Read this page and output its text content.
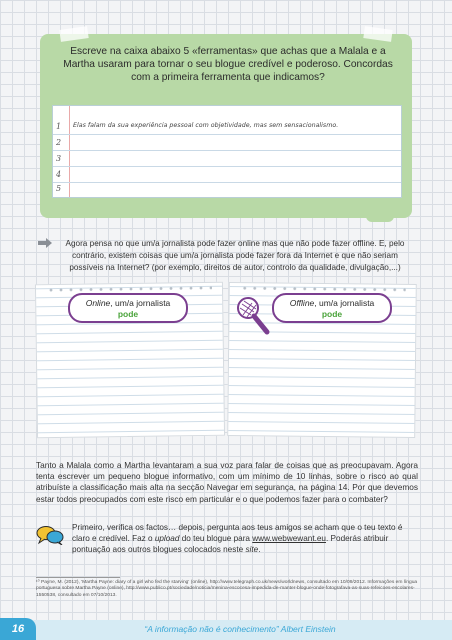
Escreve na caixa abaixo 5 «ferramentas» que achas que a Malala e a Martha usaram para tornar o seu blogue credível e poderoso. Concordas com a primeira ferramenta que indicamos?

1	Elas falam da sua experiência pessoal com objetividade, mas sem sensacionalismo.
2
3
4
5

Agora pensa no que um/a jornalista pode fazer online mas que não pode fazer offline. E, pelo contrário, existem coisas que um/a jornalista pode fazer fora da Internet e que não seriam possíveis na Internet? (por exemplo, direitos de autor, controlo da qualidade, divulgação,...)

Online, um/a jornalista
pode
Offline, um/a jornalista
pode

Tanto a Malala como a Martha levantaram a sua voz para falar de coisas que as preocupavam. Agora tenta escrever um pequeno blogue informativo, com um mínimo de 10 linhas, sobre o risco ao qual atribuíste a classificação mais alta na secção Navegar em segurança, na página 14. Por que devemos estar todos preocupados com este risco em particular e o que podemos fazer para o combater?

Primeiro, verifica os factos… depois, pergunta aos teus amigos se acham que o teu texto é claro e credível. Faz o upload do teu blogue para www.webwewant.eu. Poderás atribuir pontuação aos outros blogues colocados neste site.

¹⁰ Payne, M. (2012), 'Martha Payne: diary of a girl who fed the starving' (online), http://www.telegraph.co.uk/news/worldnews, consultado em 10/09/2012. Informações em língua portuguesa sobre Martha Payne (online), http://www.publico.pt/sociedade/noticia/menina-escocesa-impedida-de-manter-blogue-onde-fotografava-as-suas-refeicoes-escolares-1550538, consultado em 07/10/2013.

16	“A informação não é conhecimento” Albert Einstein
